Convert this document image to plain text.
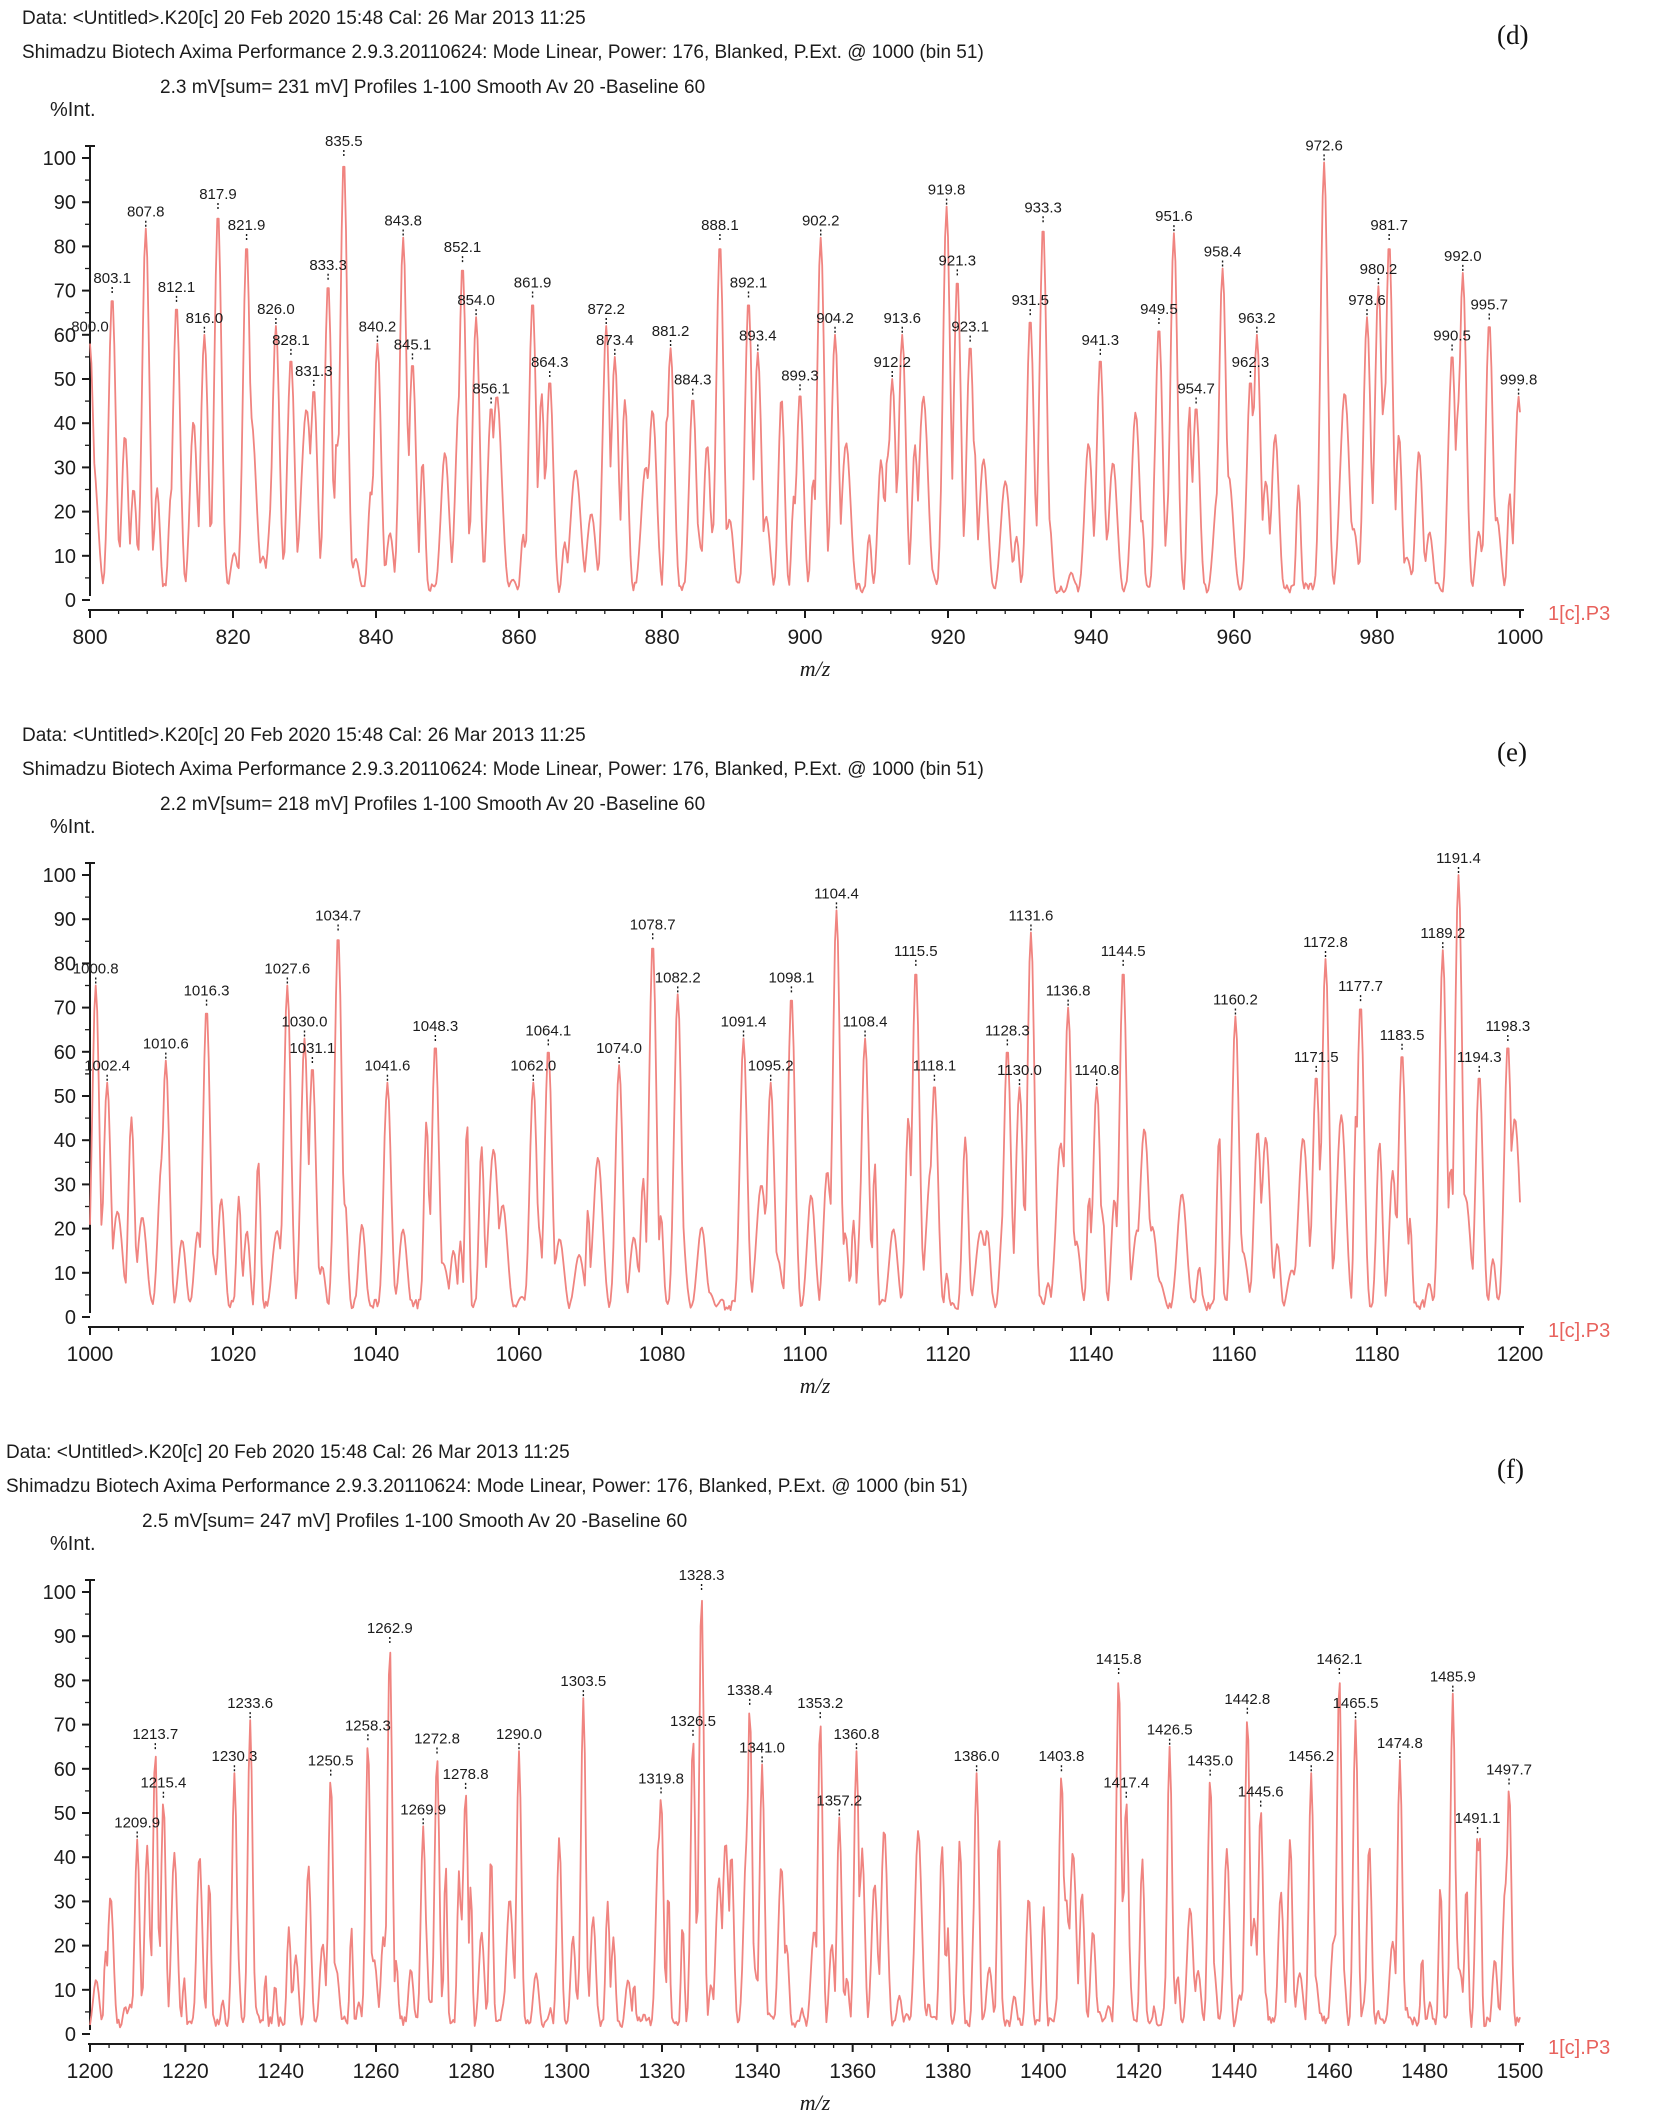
Data: <Untitled>.K20[c] 20 Feb 2020 15:48 Cal: 26 Mar 2013 11:25
Shimadzu Biotech Axima Performance 2.9.3.20110624: Mode Linear, Power: 176, Blanked, P.Ext. @ 1000 (bin 51)
2.3 mV[sum= 231 mV] Profiles 1-100 Smooth Av 20 -Baseline 60
%Int.
(d)
0
10
20
30
40
50
60
70
80
90
100
800	820	840	860	880	900	920	940	960	980	1000
m/z
1[c].P3
800.0
803.1
807.8
812.1
816.0
817.9
821.9
826.0
828.1
831.3
833.3
835.5
840.2
843.8
845.1
852.1
854.0
856.1
861.9
864.3
872.2
873.4
881.2
884.3
888.1
892.1
893.4
899.3
902.2
904.2
912.2
913.6
919.8
921.3
923.1
931.5
933.3
941.3
949.5
951.6
954.7
958.4
962.3
963.2
972.6
978.6
980.2
981.7
990.5
992.0
995.7
999.8
Data: <Untitled>.K20[c] 20 Feb 2020 15:48 Cal: 26 Mar 2013 11:25
Shimadzu Biotech Axima Performance 2.9.3.20110624: Mode Linear, Power: 176, Blanked, P.Ext. @ 1000 (bin 51)
2.2 mV[sum= 218 mV] Profiles 1-100 Smooth Av 20 -Baseline 60
%Int.
(e)
0
10
20
30
40
50
60
70
80
90
100
1000	1020	1040	1060	1080	1100	1120	1140	1160	1180	1200
m/z
1[c].P3
1000.8
1002.4
1010.6
1016.3
1027.6
1030.0
1031.1
1034.7
1041.6
1048.3
1062.0
1064.1
1074.0
1078.7
1082.2
1091.4
1095.2
1098.1
1104.4
1108.4
1115.5
1118.1
1128.3
1130.0
1131.6
1136.8
1140.8
1144.5
1160.2
1171.5
1172.8
1177.7
1183.5
1189.2
1191.4
1194.3
1198.3
Data: <Untitled>.K20[c] 20 Feb 2020 15:48 Cal: 26 Mar 2013 11:25
Shimadzu Biotech Axima Performance 2.9.3.20110624: Mode Linear, Power: 176, Blanked, P.Ext. @ 1000 (bin 51)
2.5 mV[sum= 247 mV] Profiles 1-100 Smooth Av 20 -Baseline 60
%Int.
(f)
0
10
20
30
40
50
60
70
80
90
100
1200 1220 1240 1260 1280 1300 1320 1340 1360 1380 1400 1420 1440 1460 1480 1500
m/z
1[c].P3
1209.9
1213.7
1215.4
1230.3
1233.6
1250.5
1258.3
1262.9
1269.9
1272.8
1278.8
1290.0
1303.5
1319.8
1326.5
1328.3
1338.4
1341.0
1353.2
1357.2
1360.8
1386.0	1403.8
1415.8
1417.4
1426.5
1435.0
1442.8
1445.6
1456.2
1462.1
1465.5
1474.8
1485.9
1491.1
1497.7
